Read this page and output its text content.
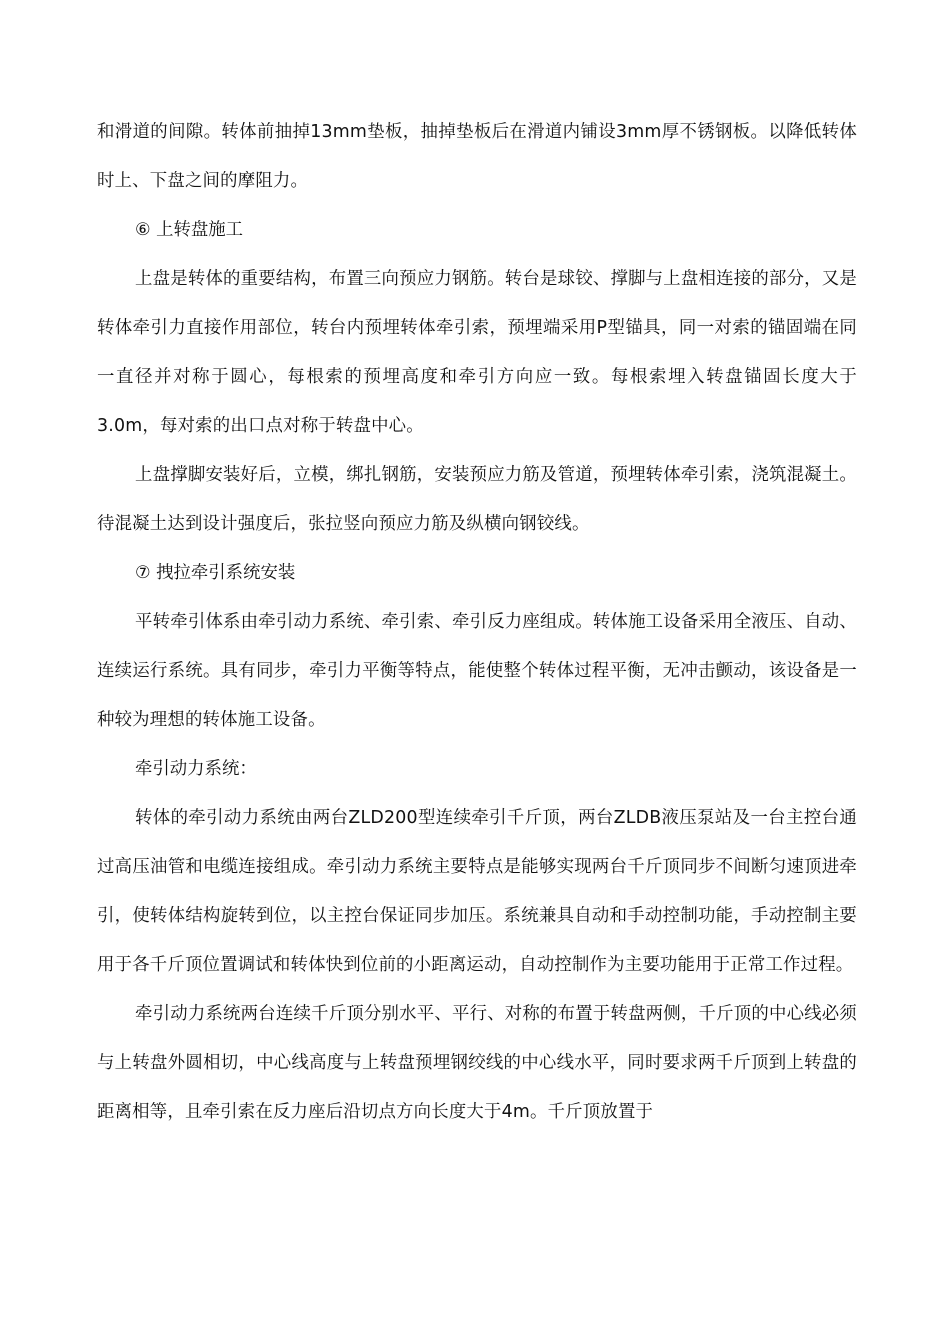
和滑道的间隙。转体前抽掉13mm垫板，抽掉垫板后在滑道内铺设3mm厚不锈钢板。以降低转体时上、下盘之间的摩阻力。

⑥ 上转盘施工

上盘是转体的重要结构，布置三向预应力钢筋。转台是球铰、撑脚与上盘相连接的部分，又是转体牵引力直接作用部位，转台内预埋转体牵引索，预埋端采用P型锚具，同一对索的锚固端在同一直径并对称于圆心，每根索的预埋高度和牵引方向应一致。每根索埋入转盘锚固长度大于3.0m，每对索的出口点对称于转盘中心。

上盘撑脚安装好后，立模，绑扎钢筋，安装预应力筋及管道，预埋转体牵引索，浇筑混凝土。待混凝土达到设计强度后，张拉竖向预应力筋及纵横向钢铰线。

⑦ 拽拉牵引系统安装

平转牵引体系由牵引动力系统、牵引索、牵引反力座组成。转体施工设备采用全液压、自动、连续运行系统。具有同步，牵引力平衡等特点，能使整个转体过程平衡，无冲击颤动，该设备是一种较为理想的转体施工设备。

牵引动力系统：

转体的牵引动力系统由两台ZLD200型连续牵引千斤顶，两台ZLDB液压泵站及一台主控台通过高压油管和电缆连接组成。牵引动力系统主要特点是能够实现两台千斤顶同步不间断匀速顶进牵引，使转体结构旋转到位，以主控台保证同步加压。系统兼具自动和手动控制功能，手动控制主要用于各千斤顶位置调试和转体快到位前的小距离运动，自动控制作为主要功能用于正常工作过程。

牵引动力系统两台连续千斤顶分别水平、平行、对称的布置于转盘两侧，千斤顶的中心线必须与上转盘外圆相切，中心线高度与上转盘预埋钢绞线的中心线水平，同时要求两千斤顶到上转盘的距离相等，且牵引索在反力座后沿切点方向长度大于4m。千斤顶放置于
